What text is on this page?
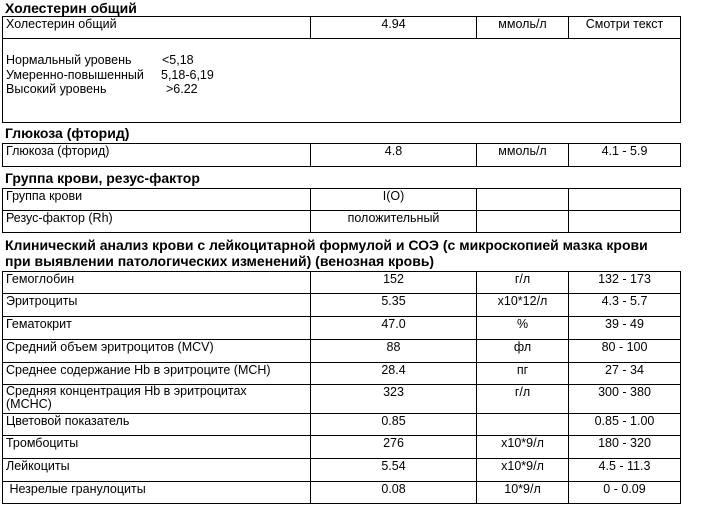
Холестерин общий
Холестерин общий	4.94	ммоль/л	Смотри текст

Нормальный уровень	<5,18
Умеренно-повышенный	5,18-6,19
Высокий уровень	>6.22
Глюкоза (фторид)
Глюкоза (фторид)	4.8	ммоль/л	4.1 - 5.9
Группа крови, резус-фактор
Группа крови	I(O)		
Резус-фактор (Rh)	положительный		
Клинический анализ крови с лейкоцитарной формулой и СОЭ (с микроскопией мазка крови
при выявлении патологических изменений) (венозная кровь)
Гемоглобин	152	г/л	132 - 173
Эритроциты	5.35	x10*12/л	4.3 - 5.7
Гематокрит	47.0	%	39 - 49
Средний объем эритроцитов (MCV)	88	фл	80 - 100
Среднее содержание Hb в эритроците (MCH)	28.4	пг	27 - 34

Средняя концентрация Hb в эритроцитах
(MCHC)	323	г/л	300 - 380
Цветовой показатель	0.85		0.85 - 1.00
Тромбоциты	276	x10*9/л	180 - 320
Лейкоциты	5.54	x10*9/л	4.5 - 11.3
Незрелые гранулоциты	0.08	10*9/л	0 - 0.09
